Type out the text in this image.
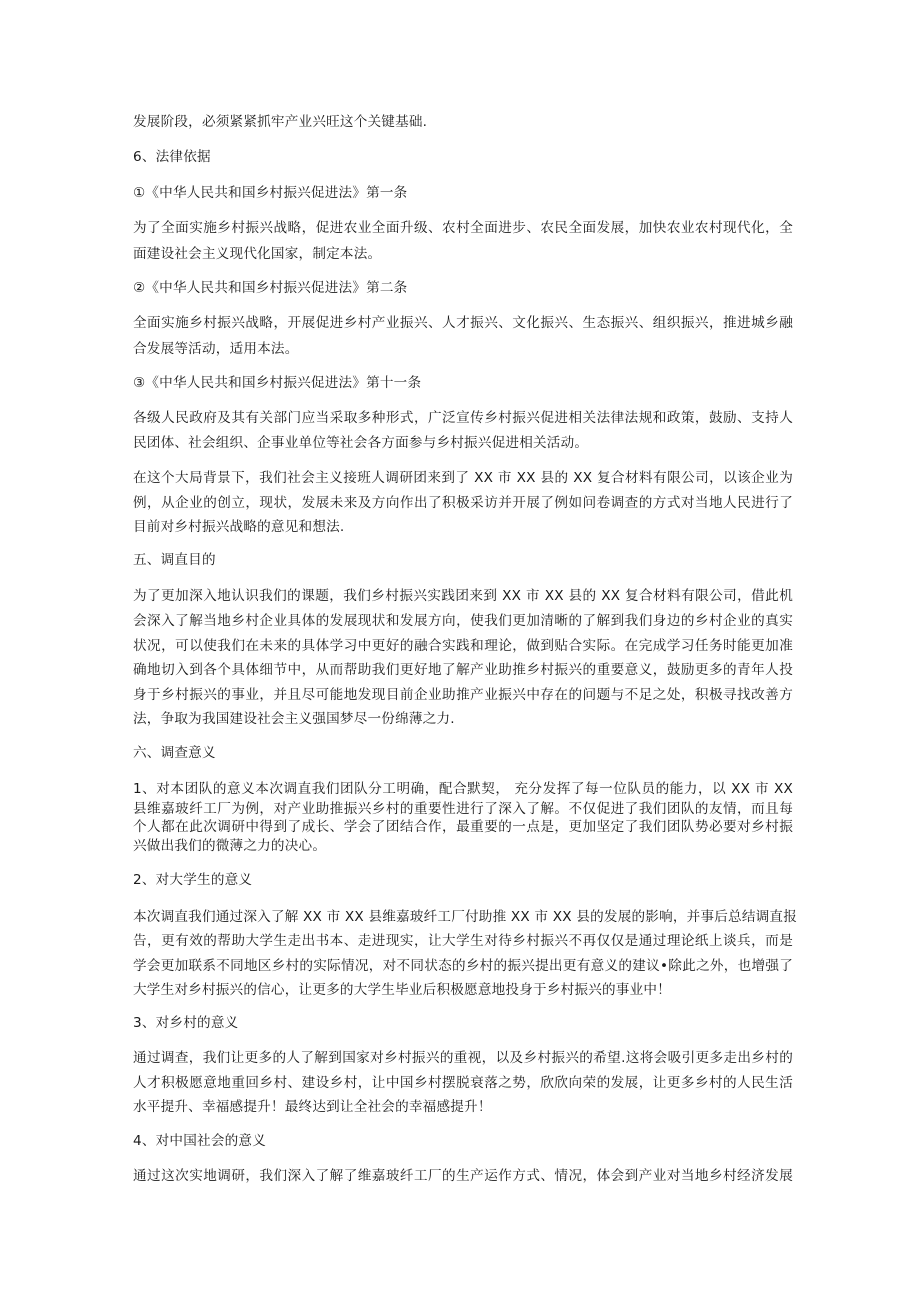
发展阶段，必须紧紧抓牢产业兴旺这个关键基础.
6、法律依据
①《中华人民共和国乡村振兴促进法》第一条
为了全面实施乡村振兴战略，促进农业全面升级、农村全面进步、农民全面发展，加快农业农村现代化，全
面建设社会主义现代化国家，制定本法。
②《中华人民共和国乡村振兴促进法》第二条
全面实施乡村振兴战略，开展促进乡村产业振兴、人才振兴、文化振兴、生态振兴、组织振兴，推进城乡融
合发展等活动，适用本法。
③《中华人民共和国乡村振兴促进法》第十一条
各级人民政府及其有关部门应当采取多种形式，广泛宣传乡村振兴促进相关法律法规和政策，鼓励、支持人
民团体、社会组织、企事业单位等社会各方面参与乡村振兴促进相关活动。
在这个大局背景下，我们社会主义接班人调研团来到了 XX 市 XX 县的 XX 复合材料有限公司，以该企业为
例，从企业的创立，现状，发展未来及方向作出了积极采访并开展了例如问卷调查的方式对当地人民进行了
目前对乡村振兴战略的意见和想法.
五、调直目的
为了更加深入地认识我们的课题，我们乡村振兴实践团来到 XX 市 XX 县的 XX 复合材料有限公司，借此机
会深入了解当地乡村企业具体的发展现状和发展方向，使我们更加清晰的了解到我们身边的乡村企业的真实
状况，可以使我们在未来的具体学习中更好的融合实践和理论，做到贴合实际。在完成学习任务时能更加准
确地切入到各个具体细节中，从而帮助我们更好地了解产业助推乡村振兴的重要意义，鼓励更多的青年人投
身于乡村振兴的事业，并且尽可能地发现目前企业助推产业振兴中存在的问题与不足之处，积极寻找改善方
法，争取为我国建设社会主义强国梦尽一份绵薄之力.
六、调查意义
1、对本团队的意义本次调直我们团队分工明确，配合默契， 充分发挥了每一位队员的能力，以 XX 市 XX
县维嘉玻纤工厂为例，对产业助推振兴乡村的重要性进行了深入了解。不仅促进了我们团队的友情，而且每
个人都在此次调研中得到了成长、学会了团结合作，最重要的一点是，更加坚定了我们团队势必要对乡村振
兴做出我们的微薄之力的决心。
2、对大学生的意义
本次调直我们通过深入了解 XX 市 XX 县维嘉玻纤工厂付助推 XX 市 XX 县的发展的影响，并事后总结调直报
告，更有效的帮助大学生走出书本、走进现实，让大学生对待乡村振兴不再仅仅是通过理论纸上谈兵，而是
学会更加联系不同地区乡村的实际情况，对不同状态的乡村的振兴提出更有意义的建议•除此之外，也增强了
大学生对乡村振兴的信心，让更多的大学生毕业后积极愿意地投身于乡村振兴的事业中！
3、对乡村的意义
通过调查，我们让更多的人了解到国家对乡村振兴的重视，以及乡村振兴的希望.这将会吸引更多走出乡村的
人才积极愿意地重回乡村、建设乡村，让中国乡村摆脱衰落之势，欣欣向荣的发展，让更多乡村的人民生活
水平提升、幸福感提升！最终达到让全社会的幸福感提升！
4、对中国社会的意义
通过这次实地调研，我们深入了解了维嘉玻纤工厂的生产运作方式、情况，体会到产业对当地乡村经济发展
